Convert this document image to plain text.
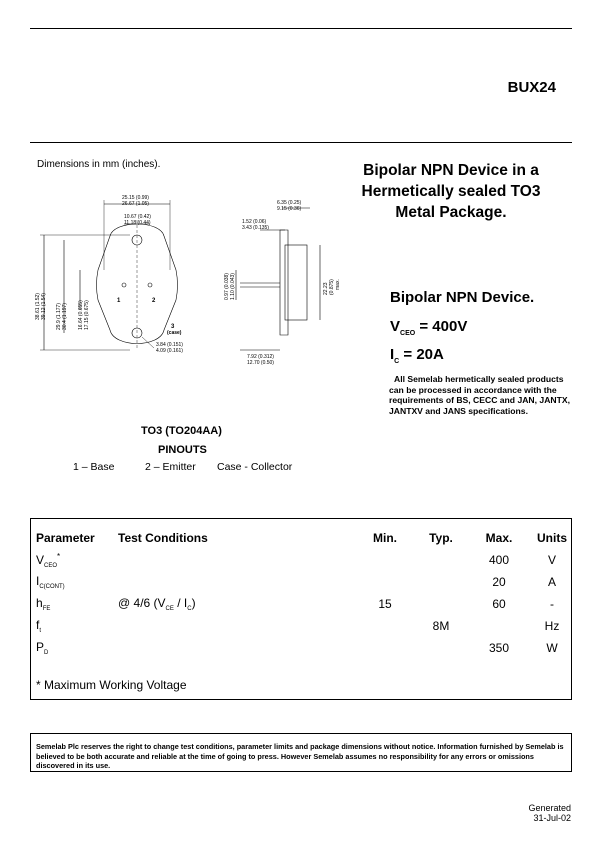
BUX24
Dimensions in mm (inches).	Bipolar NPN Device in a
Hermetically sealed TO3
Metal Package.
25.15 (0.99)
26.67 (1.05)
10.67 (0.42)
11.18 (0.44)
38.61 (1.52) 39.12 (1.54) 29.9 (1.177) 30.4 (1.197) 16.64 (0.655) 17.15 (0.675)	1	2
3
(case)
3.84 (0.151)
4.09 (0.161)
6.35 (0.25)
9.15 (0.36)
1.52 (0.06)
3.43 (0.135)
0.97 (0.038) 1.10 (0.043)	22.23 (0.875) max.
7.92 (0.312)
12.70 (0.50)
TO3 (TO204AA)
PINOUTS
1 – Base	2 – Emitter Case - Collector
Bipolar NPN Device.
$V_{CEO} = 400V$
$I_C = 20A$
All Semelab hermetically sealed products can be processed in accordance with the requirements of BS, CECC and JAN, JANTX, JANTXV and JANS specifications.
Parameter	Test Conditions	Min.	Typ.	Max.	Units
$V_{CEO}^*$				400	V
$I_{C(CONT)}$				20	A
$h_{FE}$	@ 4/6 $(V_{CE} / I_C)$	15		60	-
$f_t$			8M		Hz
$P_D$				350	W
* Maximum Working Voltage
Semelab Plc reserves the right to change test conditions, parameter limits and package dimensions without notice. Information furnished by Semelab is believed to be both accurate and reliable at the time of going to press. However Semelab assumes no responsibility for any errors or omissions discovered in its use.
Generated
31-Jul-02
